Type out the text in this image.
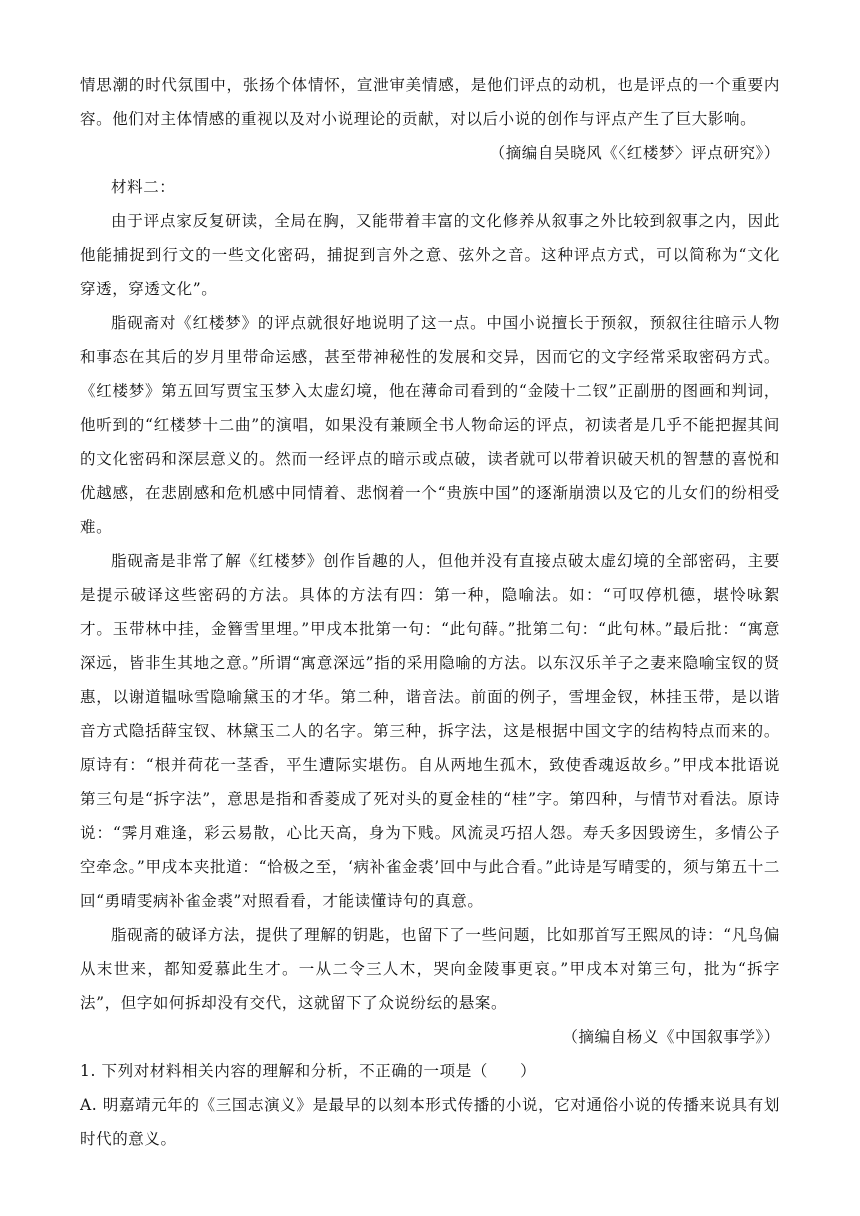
情思潮的时代氛围中，张扬个体情怀，宣泄审美情感，是他们评点的动机，也是评点的一个重要内容。他们对主体情感的重视以及对小说理论的贡献，对以后小说的创作与评点产生了巨大影响。

（摘编自吴晓风《〈红楼梦〉评点研究》）

材料二：

由于评点家反复研读，全局在胸，又能带着丰富的文化修养从叙事之外比较到叙事之内，因此他能捕捉到行文的一些文化密码，捕捉到言外之意、弦外之音。这种评点方式，可以简称为“文化穿透，穿透文化”。

脂砚斋对《红楼梦》的评点就很好地说明了这一点。中国小说擅长于预叙，预叙往往暗示人物和事态在其后的岁月里带命运感，甚至带神秘性的发展和交异，因而它的文字经常采取密码方式。《红楼梦》第五回写贾宝玉梦入太虚幻境，他在薄命司看到的“金陵十二钗”正副册的图画和判词，他听到的“红楼梦十二曲”的演唱，如果没有兼顾全书人物命运的评点，初读者是几乎不能把握其间的文化密码和深层意义的。然而一经评点的暗示或点破，读者就可以带着识破天机的智慧的喜悦和优越感，在悲剧感和危机感中同情着、悲悯着一个“贵族中国”的逐渐崩溃以及它的儿女们的纷相受难。

脂砚斋是非常了解《红楼梦》创作旨趣的人，但他并没有直接点破太虚幻境的全部密码，主要是提示破译这些密码的方法。具体的方法有四：第一种，隐喻法。如：“可叹停机德，堪怜咏絮才。玉带林中挂，金簪雪里埋。”甲戌本批第一句：“此句薛。”批第二句：“此句林。”最后批：“寓意深远，皆非生其地之意。”所谓“寓意深远”指的采用隐喻的方法。以东汉乐羊子之妻来隐喻宝钗的贤惠，以谢道韫咏雪隐喻黛玉的才华。第二种，谐音法。前面的例子，雪埋金钗，林挂玉带，是以谐音方式隐括薛宝钗、林黛玉二人的名字。第三种，拆字法，这是根据中国文字的结构特点而来的。原诗有：“根并荷花一茎香，平生遭际实堪伤。自从两地生孤木，致使香魂返故乡。”甲戌本批语说第三句是“拆字法”，意思是指和香菱成了死对头的夏金桂的“桂”字。第四种，与情节对看法。原诗说：“霁月难逢，彩云易散，心比天高，身为下贱。风流灵巧招人怨。寿夭多因毁谤生，多情公子空牵念。”甲戌本夹批道：“恰极之至，‘病补雀金裘’回中与此合看。”此诗是写晴雯的，须与第五十二回“勇晴雯病补雀金裘”对照看看，才能读懂诗句的真意。

脂砚斋的破译方法，提供了理解的钥匙，也留下了一些问题，比如那首写王熙凤的诗：“凡鸟偏从末世来，都知爱慕此生才。一从二令三人木，哭向金陵事更哀。”甲戌本对第三句，批为“拆字法”，但字如何拆却没有交代，这就留下了众说纷纭的悬案。

（摘编自杨义《中国叙事学》）

1. 下列对材料相关内容的理解和分析，不正确的一项是（　　）

A. 明嘉靖元年的《三国志演义》是最早的以刻本形式传播的小说，它对通俗小说的传播来说具有划时代的意义。
